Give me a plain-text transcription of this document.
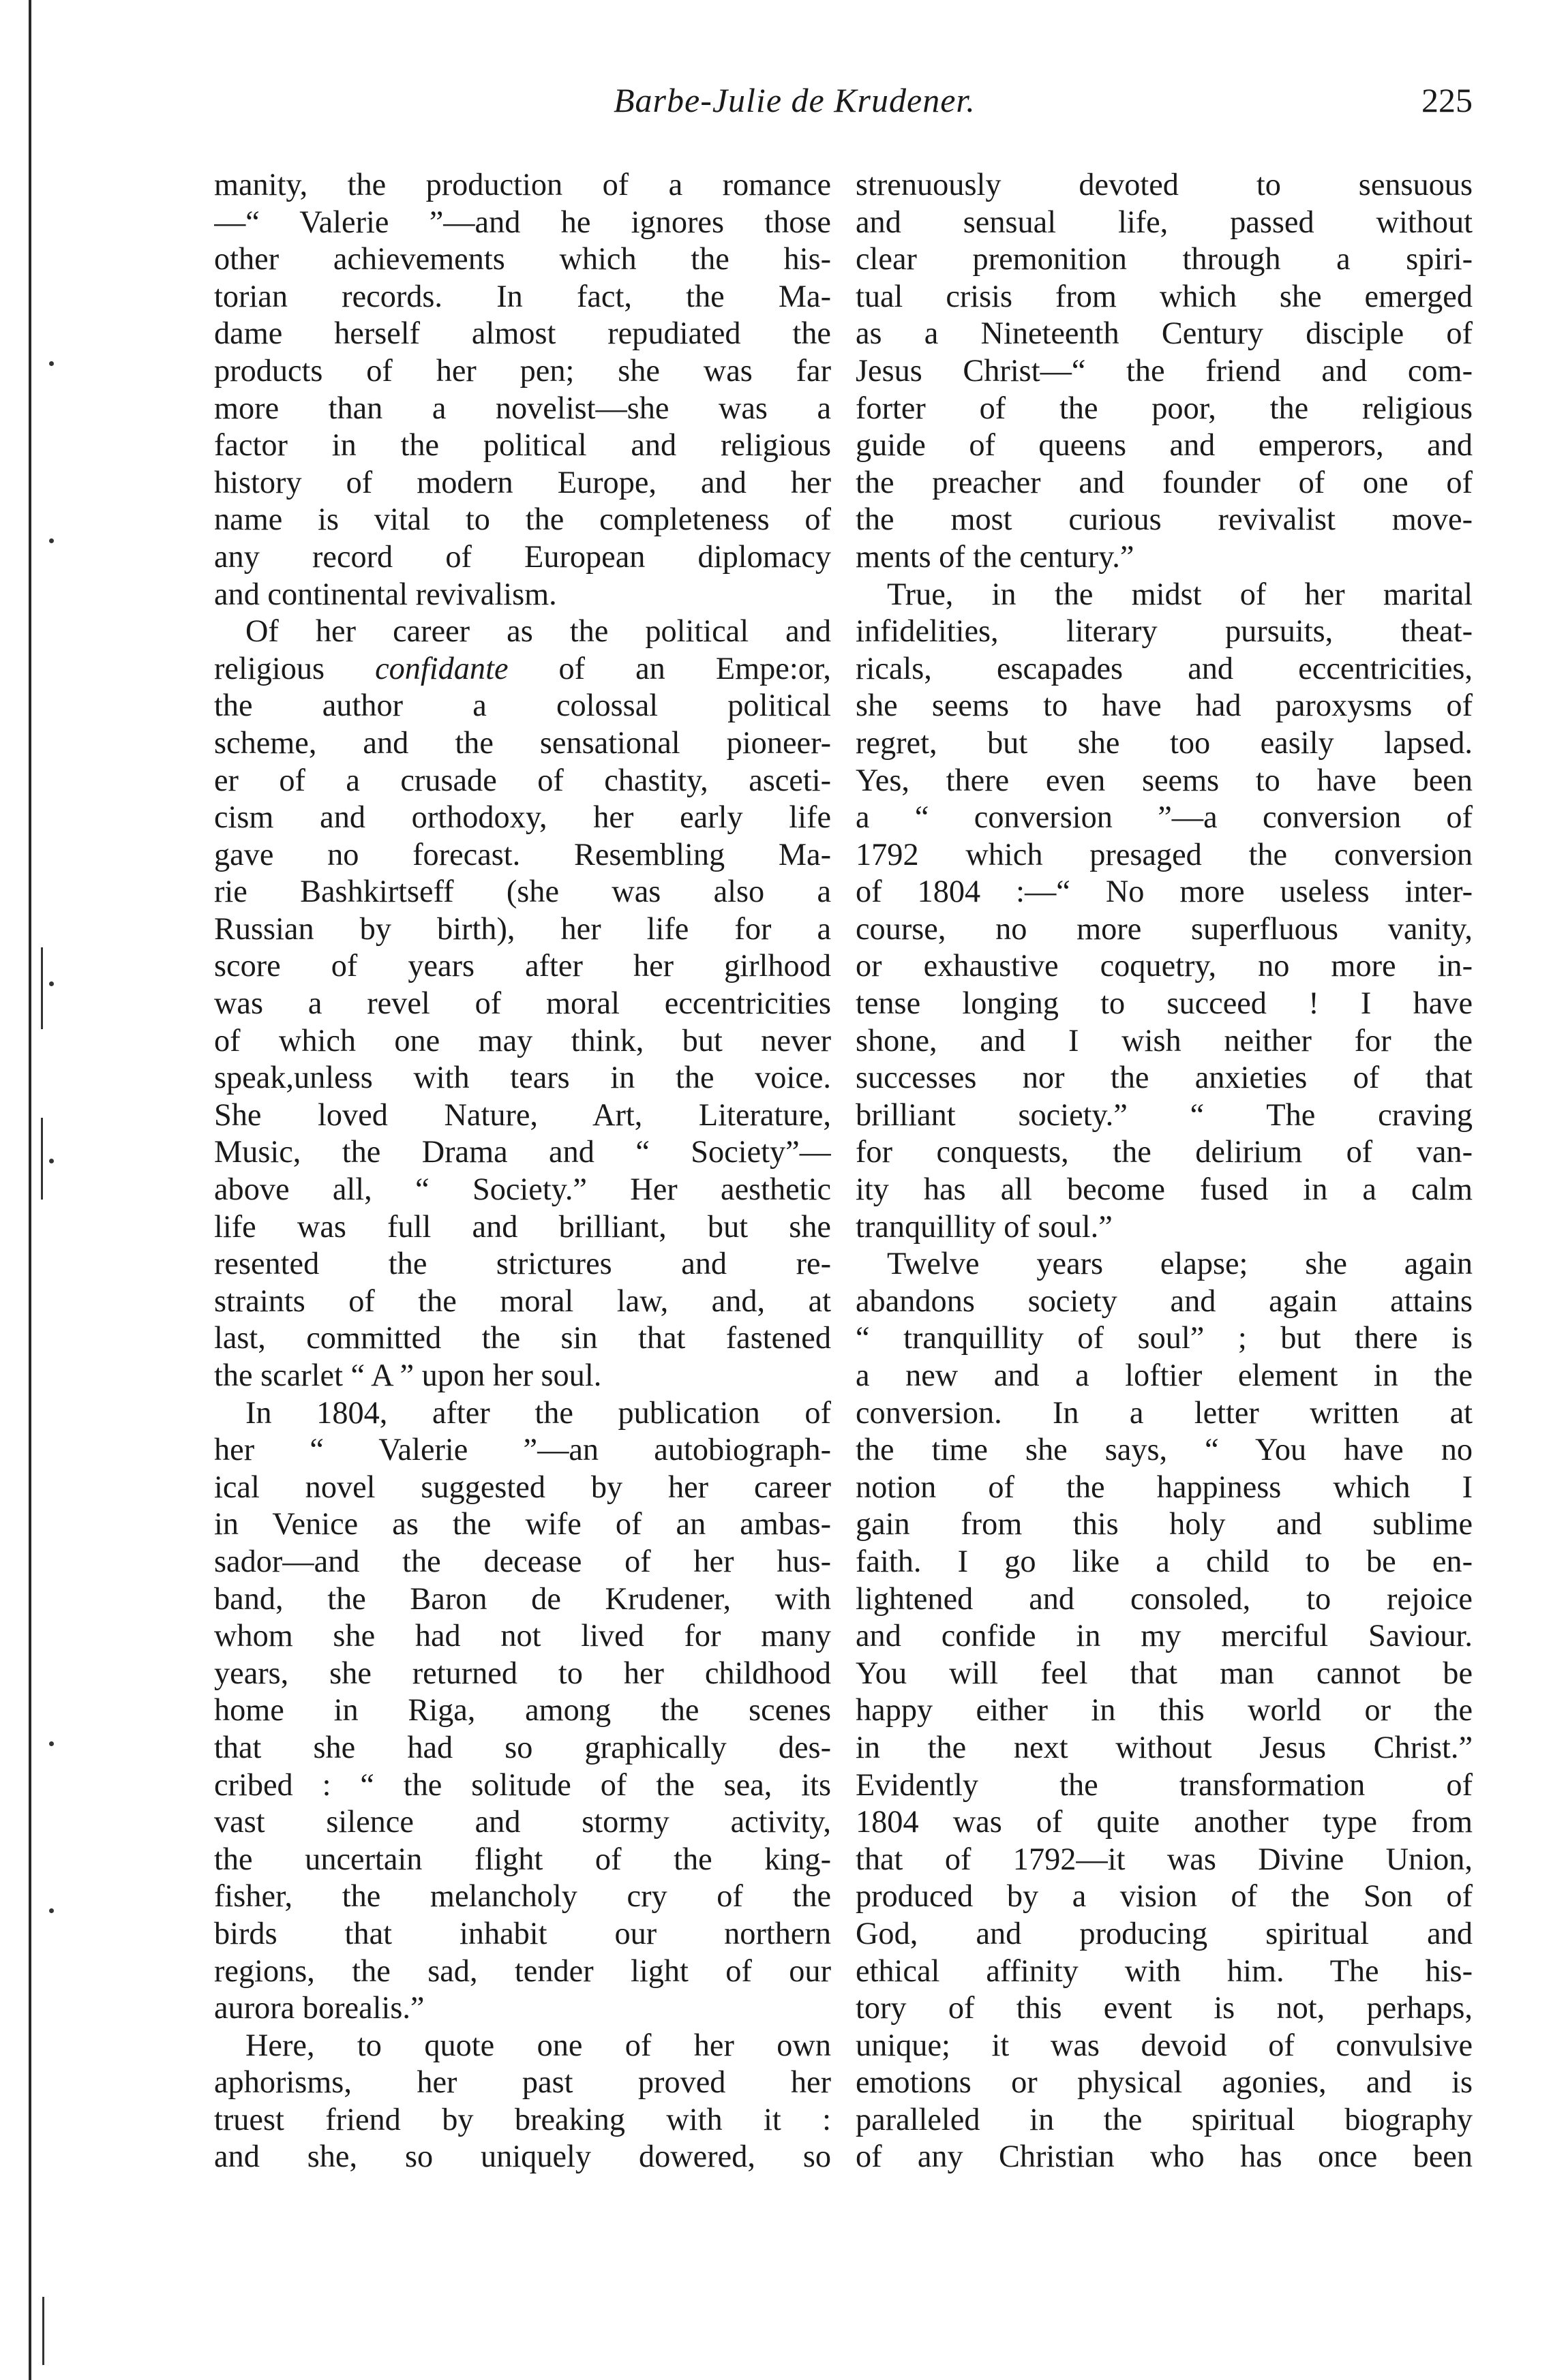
Barbe-Julie de Krudener.	225
manity, the production of a romance
—“ Valerie ”—and he ignores those
other achievements which the his-
torian records. In fact, the Ma-
dame herself almost repudiated the
products of her pen; she was far
more than a novelist—she was a
factor in the political and religious
history of modern Europe, and her
name is vital to the completeness of
any record of European diplomacy
and continental revivalism.
Of her career as the political and
religious confidante of an Empe:or,
the author a colossal political
scheme, and the sensational pioneer-
er of a crusade of chastity, asceti-
cism and orthodoxy, her early life
gave no forecast. Resembling Ma-
rie Bashkirtseff (she was also a
Russian by birth), her life for a
score of years after her girlhood
was a revel of moral eccentricities
of which one may think, but never
speak,unless with tears in the voice.
She loved Nature, Art, Literature,
Music, the Drama and “ Society”—
above all, “ Society.” Her aesthetic
life was full and brilliant, but she
resented the strictures and re-
straints of the moral law, and, at
last, committed the sin that fastened
the scarlet “ A ” upon her soul.
In 1804, after the publication of
her “ Valerie ”—an autobiograph-
ical novel suggested by her career
in Venice as the wife of an ambas-
sador—and the decease of her hus-
band, the Baron de Krudener, with
whom she had not lived for many
years, she returned to her childhood
home in Riga, among the scenes
that she had so graphically des-
cribed : “ the solitude of the sea, its
vast silence and stormy activity,
the uncertain flight of the king-
fisher, the melancholy cry of the
birds that inhabit our northern
regions, the sad, tender light of our
aurora borealis.”
Here, to quote one of her own
aphorisms, her past proved her
truest friend by breaking with it :
and she, so uniquely dowered, so
strenuously devoted to sensuous
and sensual life, passed without
clear premonition through a spiri-
tual crisis from which she emerged
as a Nineteenth Century disciple of
Jesus Christ—“ the friend and com-
forter of the poor, the religious
guide of queens and emperors, and
the preacher and founder of one of
the most curious revivalist move-
ments of the century.”
True, in the midst of her marital
infidelities, literary pursuits, theat-
ricals, escapades and eccentricities,
she seems to have had paroxysms of
regret, but she too easily lapsed.
Yes, there even seems to have been
a “ conversion ”—a conversion of
1792 which presaged the conversion
of 1804 :—“ No more useless inter-
course, no more superfluous vanity,
or exhaustive coquetry, no more in-
tense longing to succeed ! I have
shone, and I wish neither for the
successes nor the anxieties of that
brilliant society.” “ The craving
for conquests, the delirium of van-
ity has all become fused in a calm
tranquillity of soul.”
Twelve years elapse; she again
abandons society and again attains
“ tranquillity of soul” ; but there is
a new and a loftier element in the
conversion. In a letter written at
the time she says, “ You have no
notion of the happiness which I
gain from this holy and sublime
faith. I go like a child to be en-
lightened and consoled, to rejoice
and confide in my merciful Saviour.
You will feel that man cannot be
happy either in this world or the
in the next without Jesus Christ.”
Evidently the transformation of
1804 was of quite another type from
that of 1792—it was Divine Union,
produced by a vision of the Son of
God, and producing spiritual and
ethical affinity with him. The his-
tory of this event is not, perhaps,
unique; it was devoid of convulsive
emotions or physical agonies, and is
paralleled in the spiritual biography
of any Christian who has once been
